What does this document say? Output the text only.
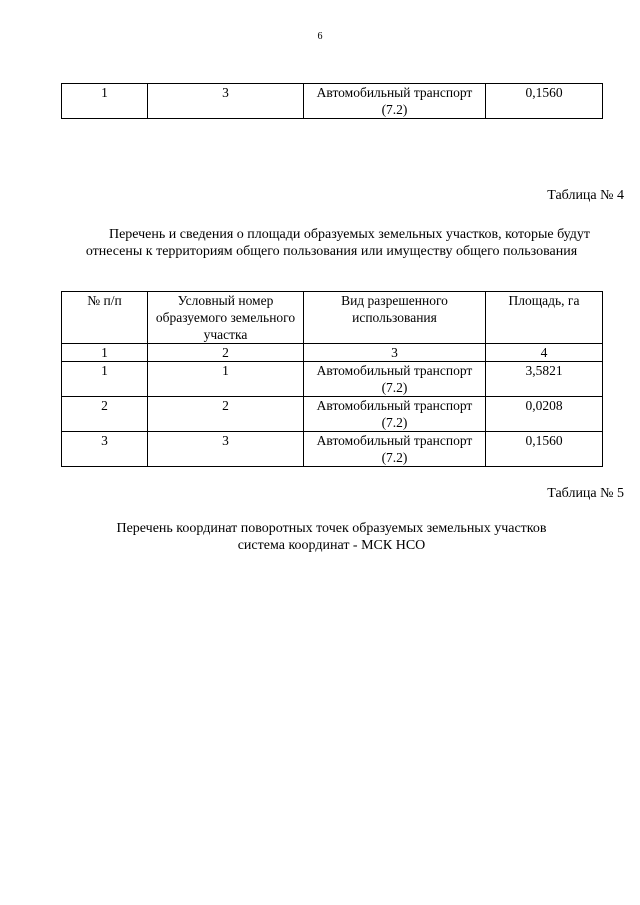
6
1	3	Автомобильный транспорт (7.2)	0,1560
Таблица № 4
Перечень и сведения о площади образуемых земельных участков, которые будут отнесены к территориям общего пользования или имуществу общего пользования
№ п/п	Условный номер образуемого земельного участка	Вид разрешенного использования	Площадь, га
1	2	3	4
1	1	Автомобильный транспорт (7.2)	3,5821
2	2	Автомобильный транспорт (7.2)	0,0208
3	3	Автомобильный транспорт (7.2)	0,1560
Таблица № 5
Перечень координат поворотных точек образуемых земельных участков
система координат - МСК НСО
